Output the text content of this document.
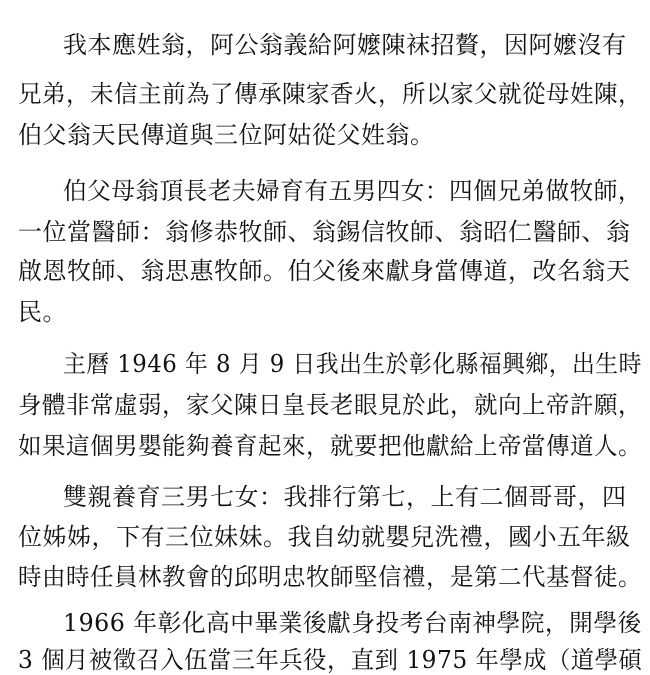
我本應姓翁，阿公翁義給阿嬤陳袜招贅，因阿嬤沒有
兄弟，未信主前為了傳承陳家香火，所以家父就從母姓陳，
伯父翁天民傳道與三位阿姑從父姓翁。
伯父母翁頂長老夫婦育有五男四女：四個兄弟做牧師，
一位當醫師：翁修恭牧師、翁錫信牧師、翁昭仁醫師、翁
啟恩牧師、翁思惠牧師。伯父後來獻身當傳道，改名翁天
民。
主曆 1946 年 8 月 9 日我出生於彰化縣福興鄉，出生時
身體非常虛弱，家父陳日皇長老眼見於此，就向上帝許願，
如果這個男嬰能夠養育起來，就要把他獻給上帝當傳道人。
雙親養育三男七女：我排行第七，上有二個哥哥，四
位姊姊，下有三位妹妹。我自幼就嬰兒洗禮，國小五年級
時由時任員林教會的邱明忠牧師堅信禮，是第二代基督徒。
1966 年彰化高中畢業後獻身投考台南神學院，開學後
3 個月被徵召入伍當三年兵役，直到 1975 年學成（道學碩
